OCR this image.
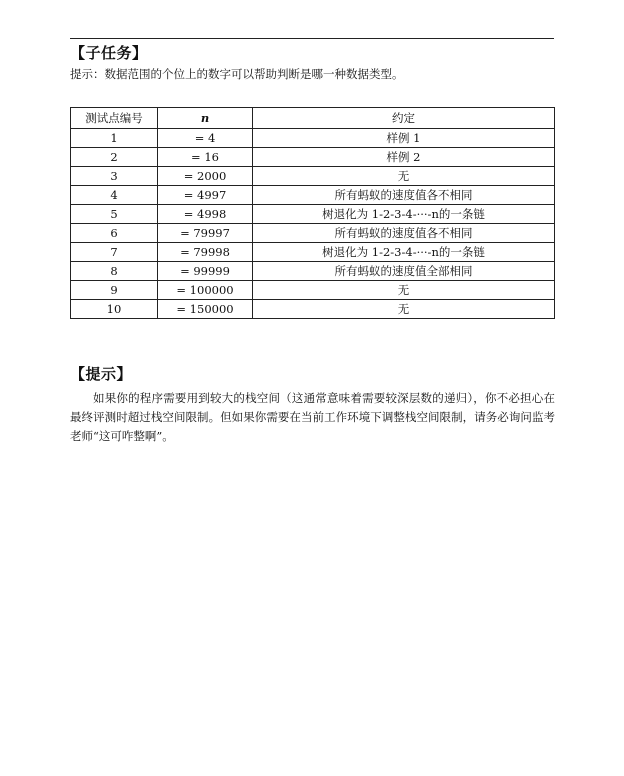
【子任务】
提示：数据范围的个位上的数字可以帮助判断是哪一种数据类型。
测试点编号	n	约定
1	= 4	样例 1
2	= 16	样例 2
3	= 2000	无
4	= 4997	所有蚂蚁的速度值各不相同
5	= 4998	树退化为 1-2-3-4-···-n的一条链
6	= 79997	所有蚂蚁的速度值各不相同
7	= 79998	树退化为 1-2-3-4-···-n的一条链
8	= 99999	所有蚂蚁的速度值全部相同
9	= 100000	无
10	= 150000	无
【提示】

如果你的程序需要用到较大的栈空间（这通常意味着需要较深层数的递归），你不必担心在最终评测时超过栈空间限制。但如果你需要在当前工作环境下调整栈空间限制，请务必询问监考老师“这可咋整啊”。
